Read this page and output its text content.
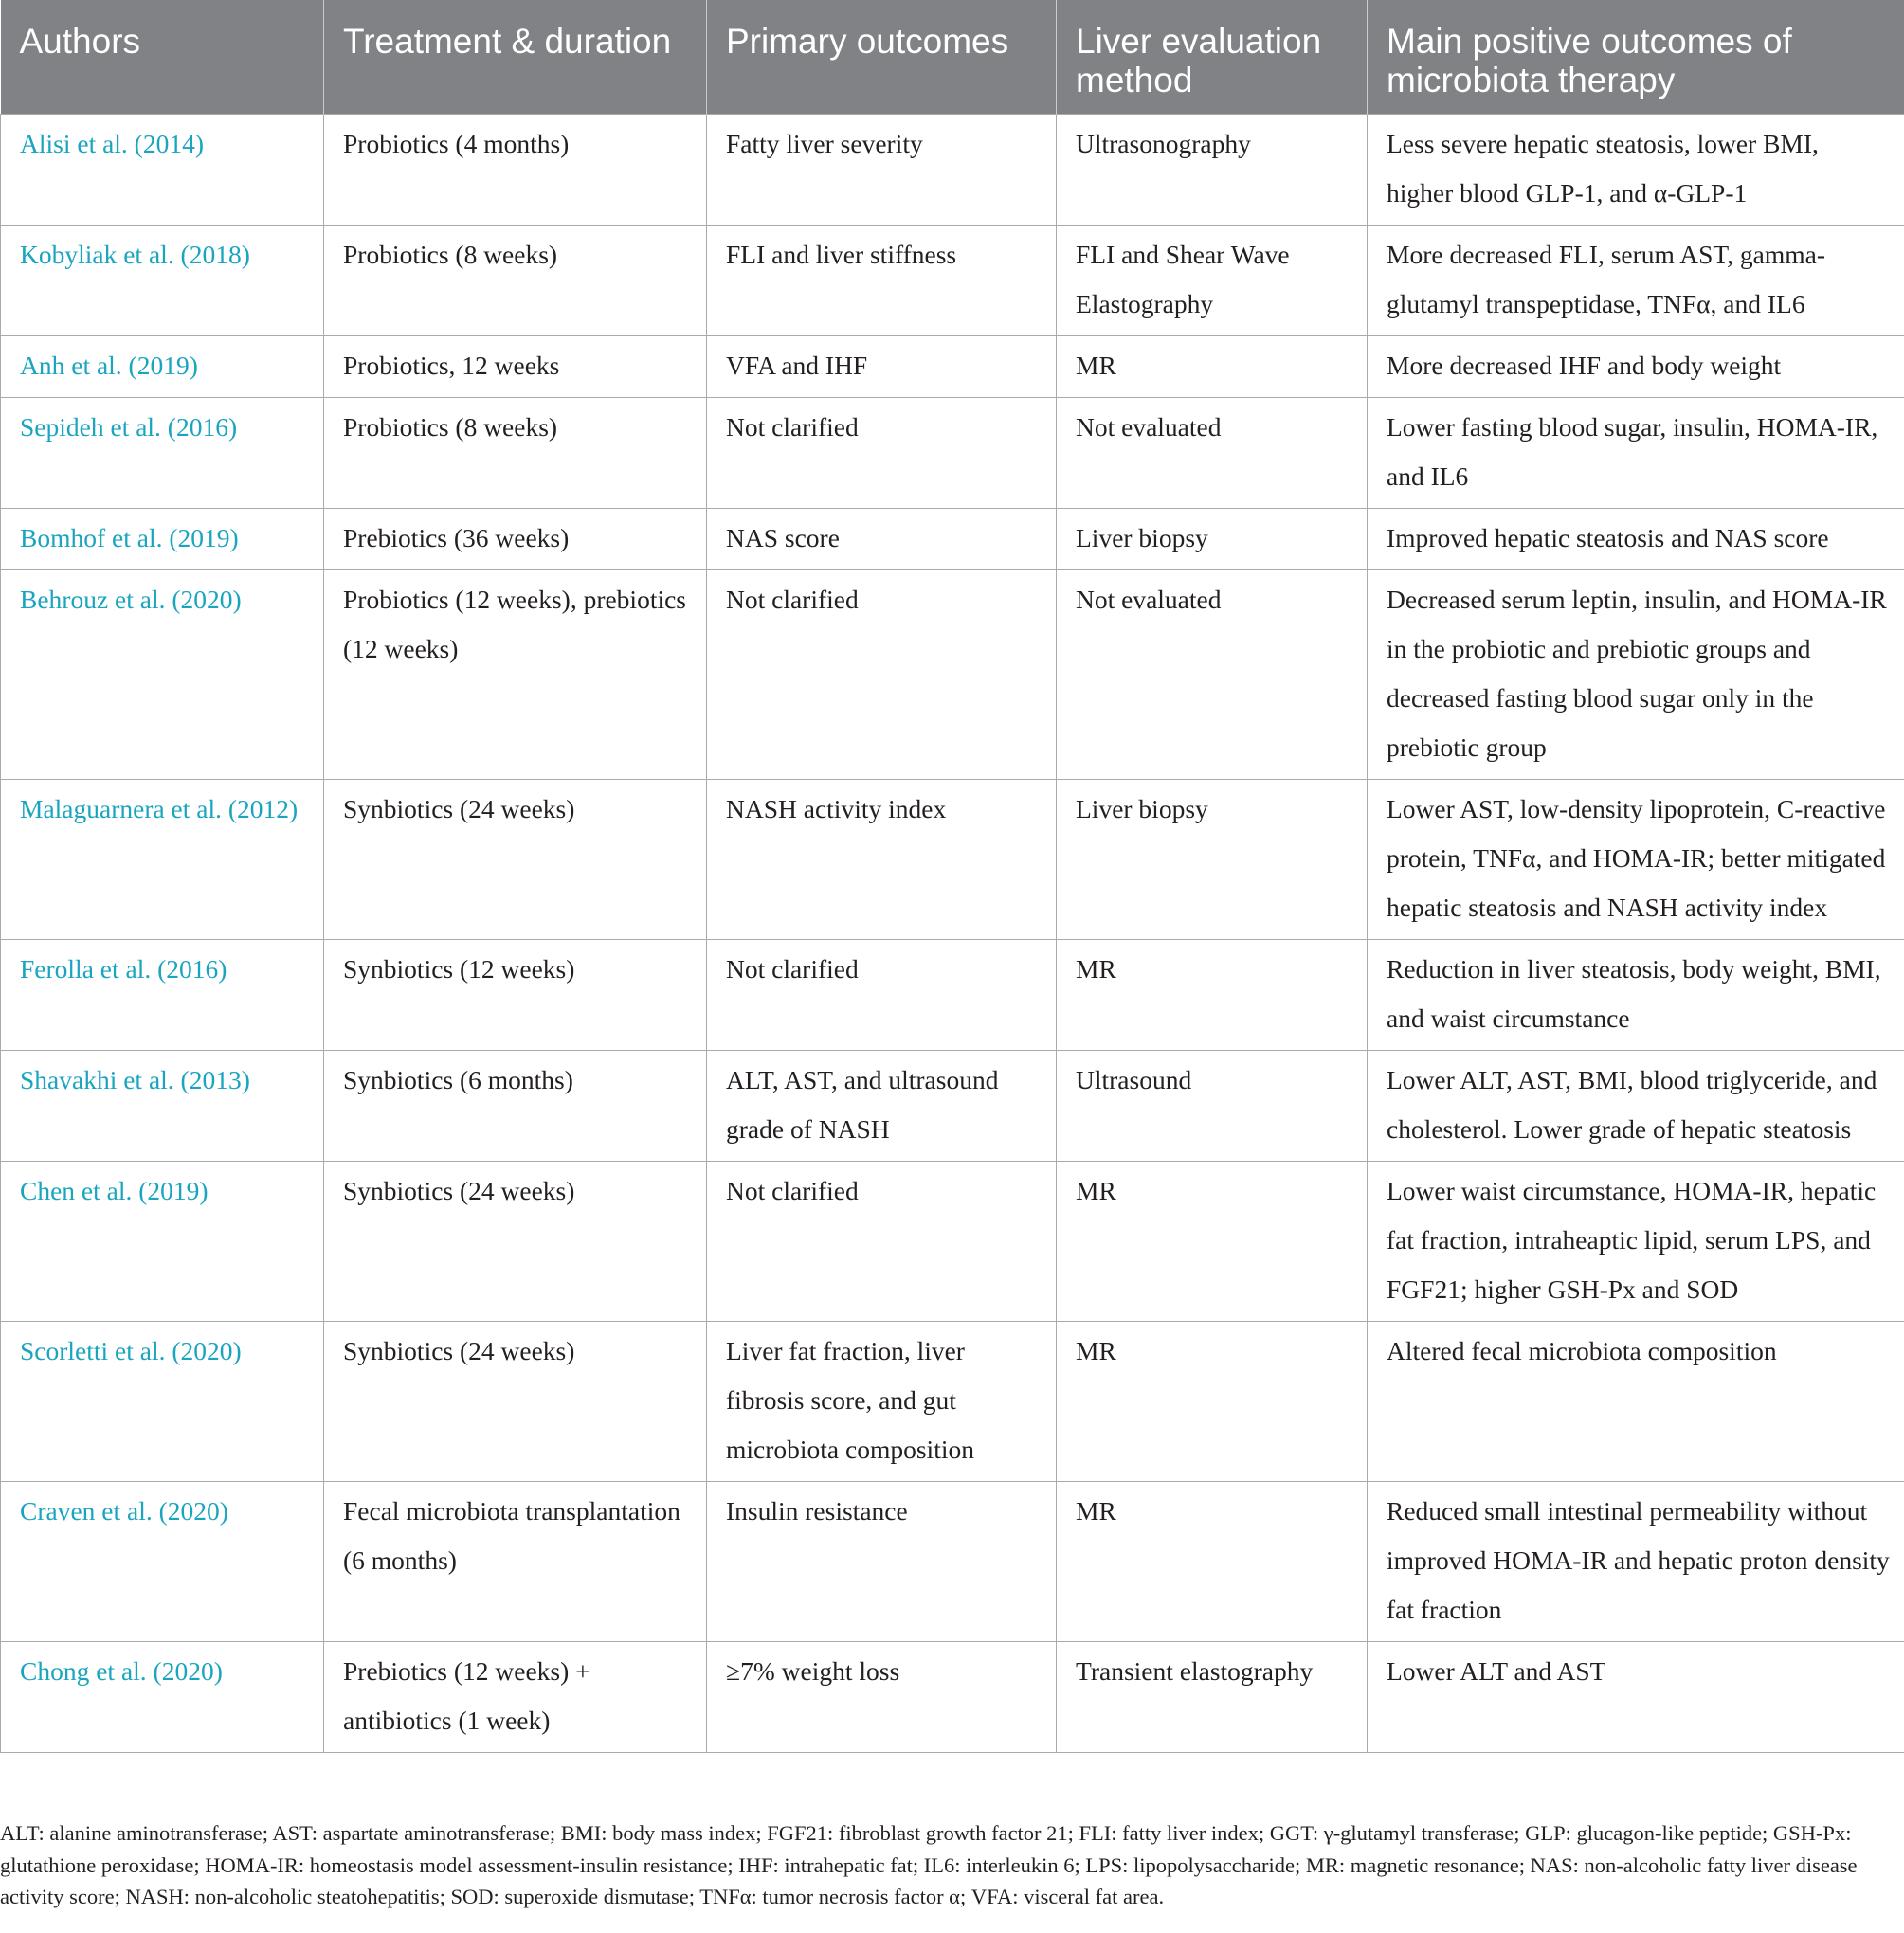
Authors	Treatment & duration	Primary outcomes	Liver evaluation method	Main positive outcomes of microbiota therapy
Alisi et al. (2014)	Probiotics (4 months)	Fatty liver severity	Ultrasonography	Less severe hepatic steatosis, lower BMI, higher blood GLP-1, and α-GLP-1
Kobyliak et al. (2018)	Probiotics (8 weeks)	FLI and liver stiffness	FLI and Shear Wave Elastography	More decreased FLI, serum AST, gamma-glutamyl transpeptidase, TNFα, and IL6
Anh et al. (2019)	Probiotics, 12 weeks	VFA and IHF	MR	More decreased IHF and body weight
Sepideh et al. (2016)	Probiotics (8 weeks)	Not clarified	Not evaluated	Lower fasting blood sugar, insulin, HOMA-IR, and IL6
Bomhof et al. (2019)	Prebiotics (36 weeks)	NAS score	Liver biopsy	Improved hepatic steatosis and NAS score
Behrouz et al. (2020)	Probiotics (12 weeks), prebiotics (12 weeks)	Not clarified	Not evaluated	Decreased serum leptin, insulin, and HOMA-IR in the probiotic and prebiotic groups and decreased fasting blood sugar only in the prebiotic group
Malaguarnera et al. (2012)	Synbiotics (24 weeks)	NASH activity index	Liver biopsy	Lower AST, low-density lipoprotein, C-reactive protein, TNFα, and HOMA-IR; better mitigated hepatic steatosis and NASH activity index
Ferolla et al. (2016)	Synbiotics (12 weeks)	Not clarified	MR	Reduction in liver steatosis, body weight, BMI, and waist circumstance
Shavakhi et al. (2013)	Synbiotics (6 months)	ALT, AST, and ultrasound grade of NASH	Ultrasound	Lower ALT, AST, BMI, blood triglyceride, and cholesterol. Lower grade of hepatic steatosis
Chen et al. (2019)	Synbiotics (24 weeks)	Not clarified	MR	Lower waist circumstance, HOMA-IR, hepatic fat fraction, intraheaptic lipid, serum LPS, and FGF21; higher GSH-Px and SOD
Scorletti et al. (2020)	Synbiotics (24 weeks)	Liver fat fraction, liver fibrosis score, and gut microbiota composition	MR	Altered fecal microbiota composition
Craven et al. (2020)	Fecal microbiota transplantation (6 months)	Insulin resistance	MR	Reduced small intestinal permeability without improved HOMA-IR and hepatic proton density fat fraction
Chong et al. (2020)	Prebiotics (12 weeks) + antibiotics (1 week)	≥7% weight loss	Transient elastography	Lower ALT and AST

ALT: alanine aminotransferase; AST: aspartate aminotransferase; BMI: body mass index; FGF21: fibroblast growth factor 21; FLI: fatty liver index; GGT: γ-glutamyl transferase; GLP: glucagon-like peptide; GSH-Px: glutathione peroxidase; HOMA-IR: homeostasis model assessment-insulin resistance; IHF: intrahepatic fat; IL6: interleukin 6; LPS: lipopolysaccharide; MR: magnetic resonance; NAS: non-alcoholic fatty liver disease activity score; NASH: non-alcoholic steatohepatitis; SOD: superoxide dismutase; TNFα: tumor necrosis factor α; VFA: visceral fat area.
